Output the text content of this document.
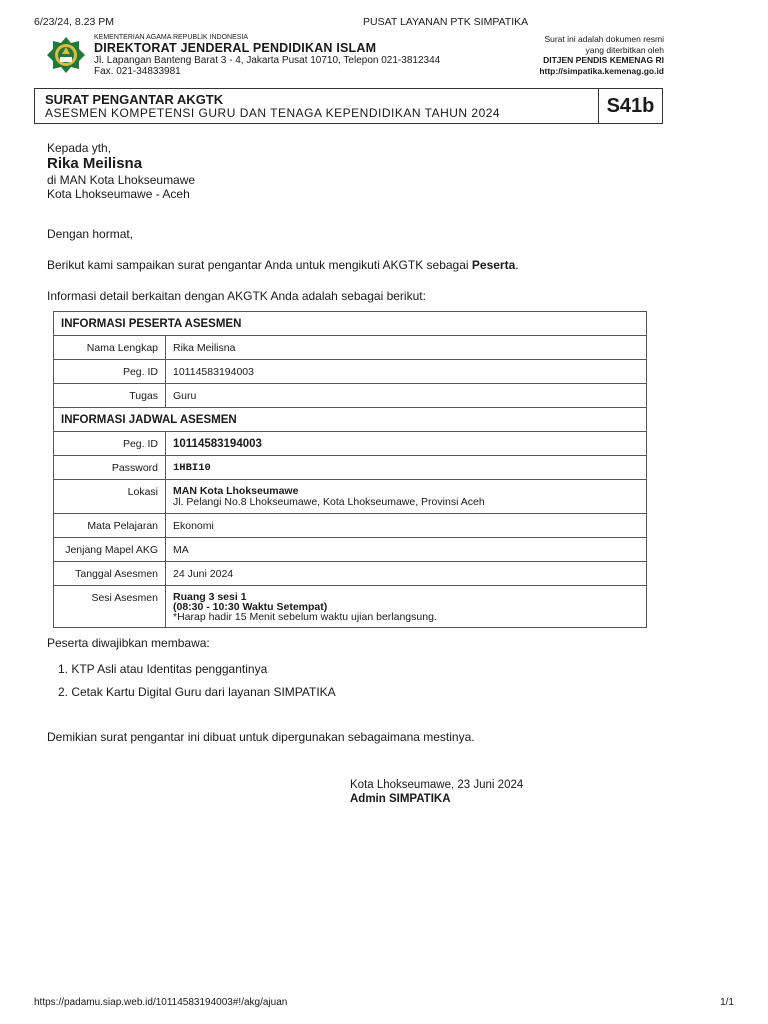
6/23/24, 8.23 PM	PUSAT LAYANAN PTK SIMPATIKA
KEMENTERIAN AGAMA REPUBLIK INDONESIA
DIREKTORAT JENDERAL PENDIDIKAN ISLAM
Jl. Lapangan Banteng Barat 3 - 4, Jakarta Pusat 10710, Telepon 021-3812344
Fax. 021-34833981
Surat ini adalah dokumen resmi
yang diterbitkan oleh
DITJEN PENDIS KEMENAG RI
http://simpatika.kemenag.go.id
SURAT PENGANTAR AKGTK
ASESMEN KOMPETENSI GURU DAN TENAGA KEPENDIDIKAN TAHUN 2024	S41b
Kepada yth,
Rika Meilisna
di MAN Kota Lhokseumawe
Kota Lhokseumawe - Aceh
Dengan hormat,
Berikut kami sampaikan surat pengantar Anda untuk mengikuti AKGTK sebagai Peserta.
Informasi detail berkaitan dengan AKGTK Anda adalah sebagai berikut:
INFORMASI PESERTA ASESMEN	
Nama Lengkap	Rika Meilisna
Peg. ID	10114583194003
Tugas	Guru
INFORMASI JADWAL ASESMEN	
Peg. ID	10114583194003
Password	1HBI10
Lokasi	MAN Kota Lhokseumawe
Jl. Pelangi No.8 Lhokseumawe, Kota Lhokseumawe, Provinsi Aceh

Mata Pelajaran	Ekonomi
Jenjang Mapel AKG	MA
Tanggal Asesmen	24 Juni 2024
Sesi Asesmen	Ruang 3 sesi 1
(08:30 - 10:30 Waktu Setempat)
*Harap hadir 15 Menit sebelum waktu ujian berlangsung.
Peserta diwajibkan membawa:
1. KTP Asli atau Identitas penggantinya
2. Cetak Kartu Digital Guru dari layanan SIMPATIKA
Demikian surat pengantar ini dibuat untuk dipergunakan sebagaimana mestinya.
Kota Lhokseumawe, 23 Juni 2024
Admin SIMPATIKA
https://padamu.siap.web.id/10114583194003#!/akg/ajuan	1/1
